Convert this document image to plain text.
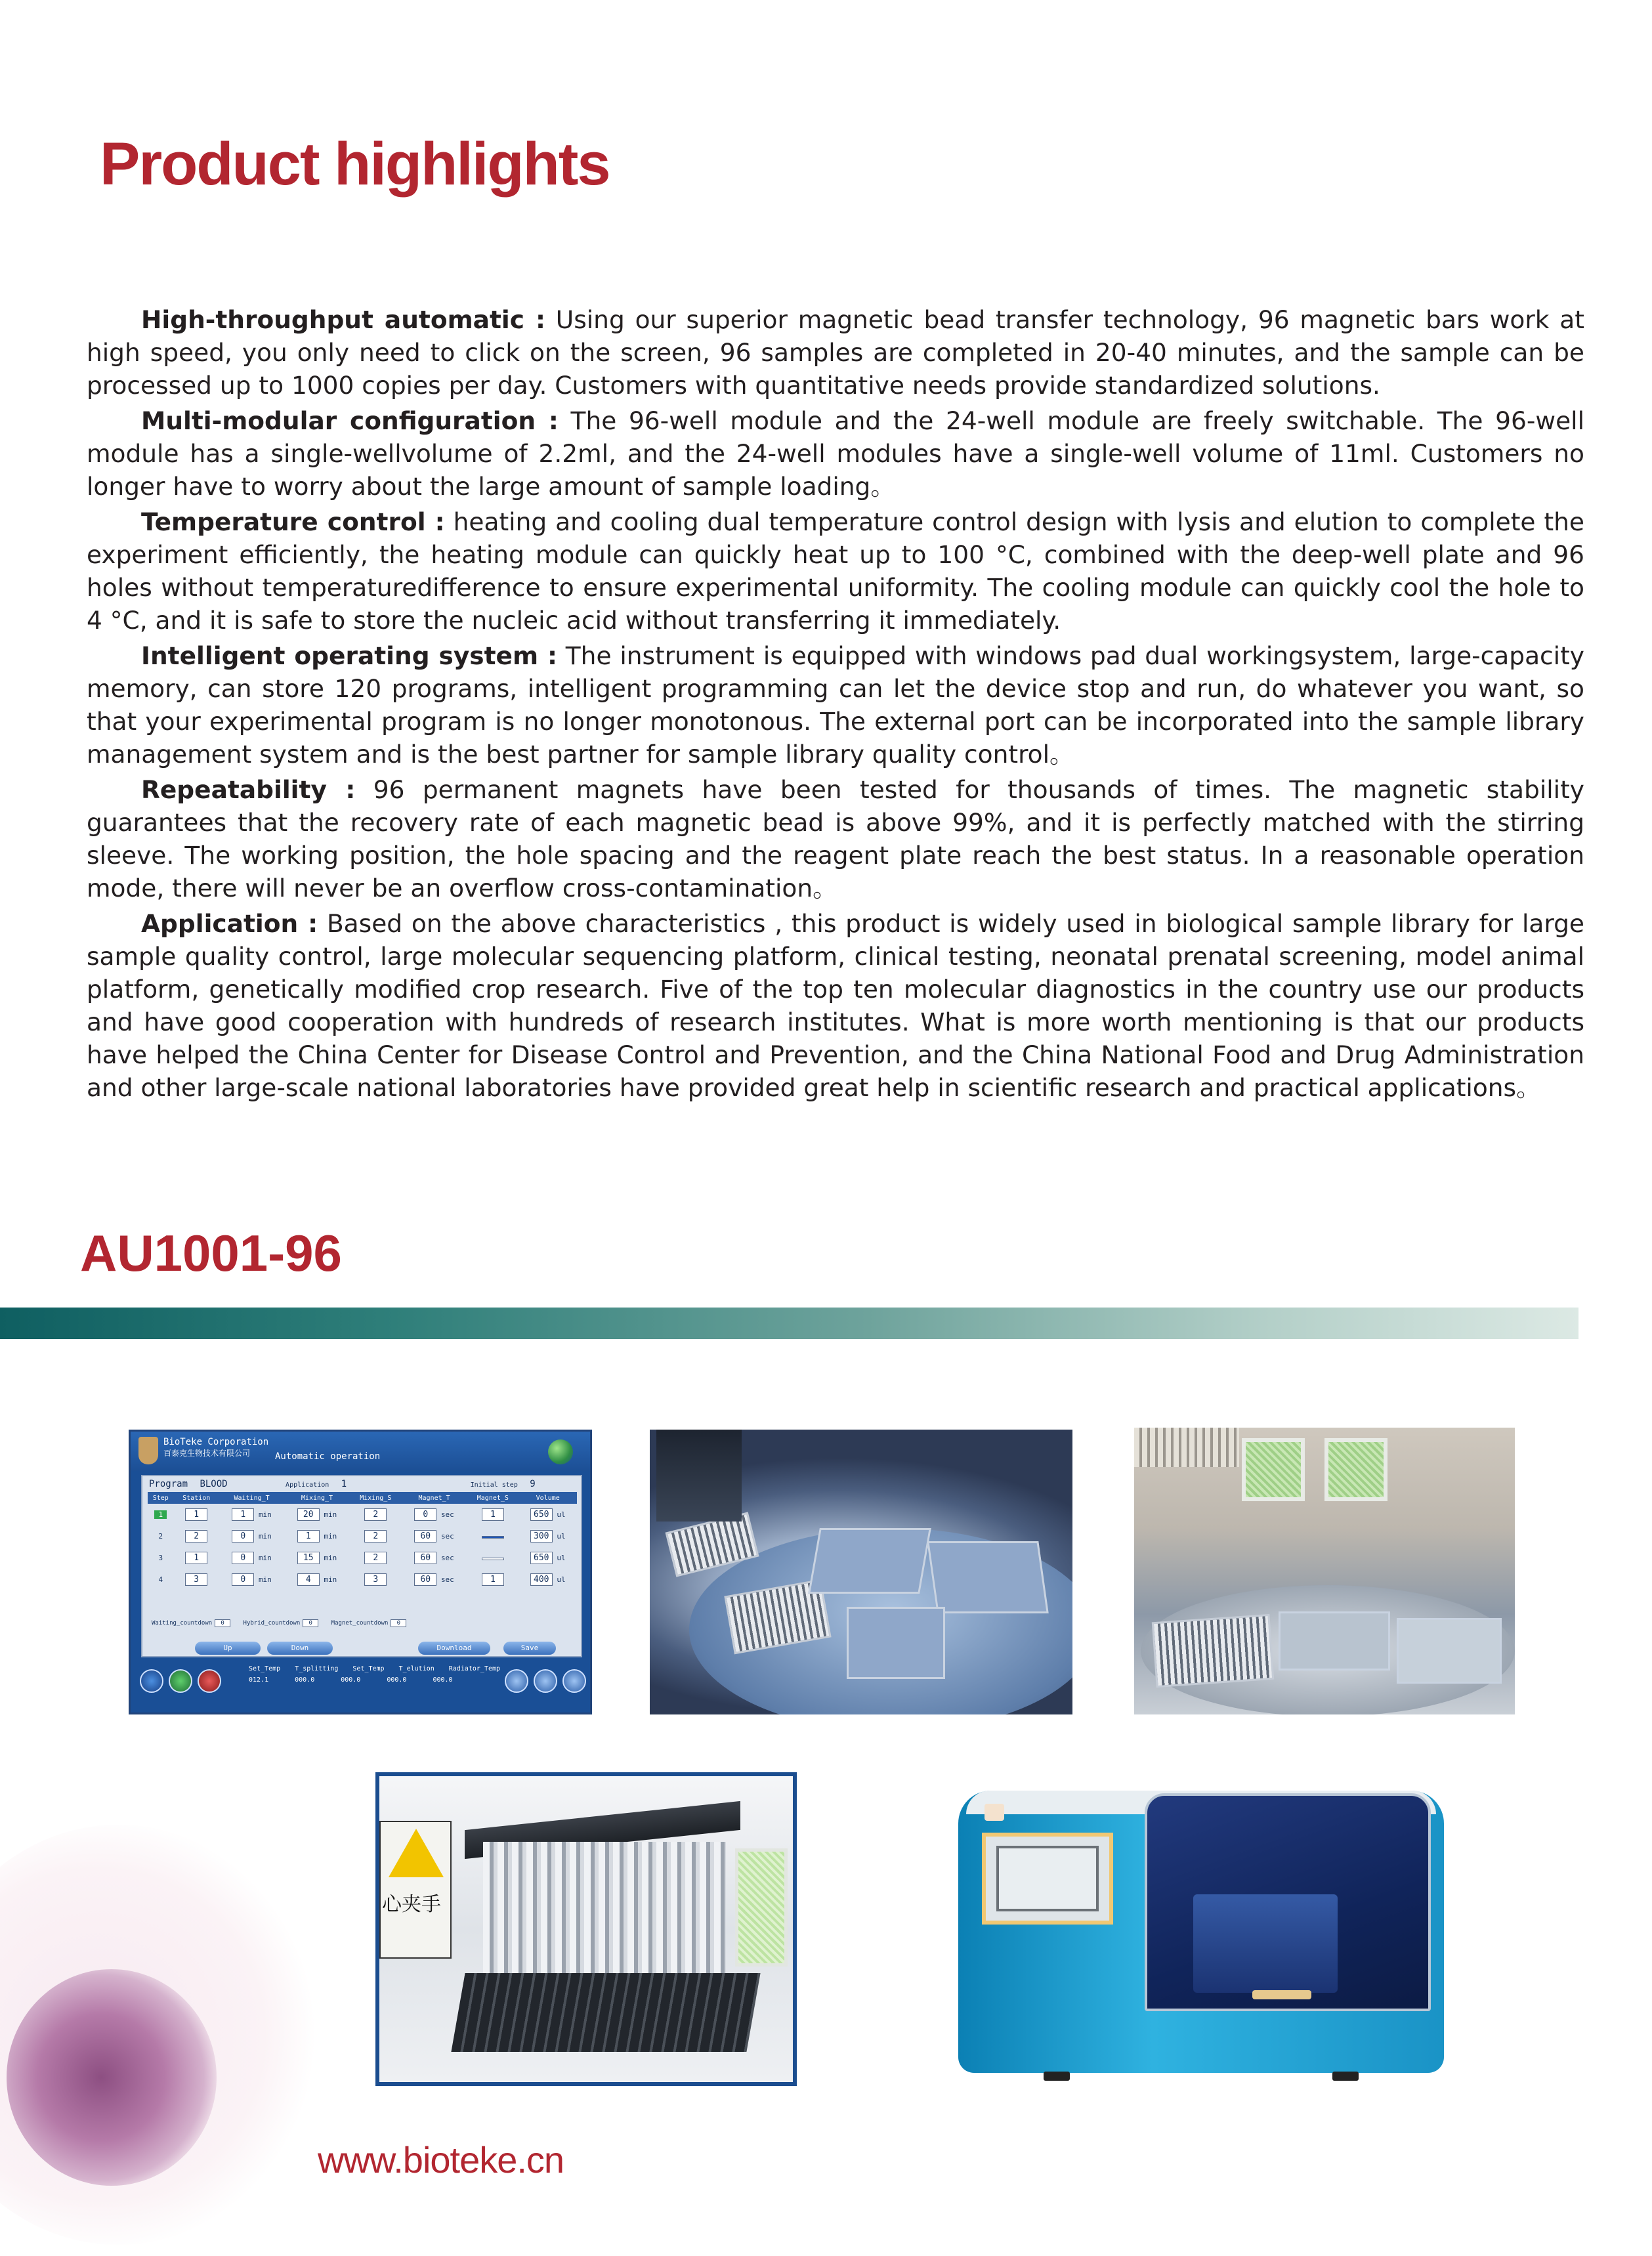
Product highlights

High-throughput automatic : Using our superior magnetic bead transfer technology, 96 magnetic bars work at high speed, you only need to click on the screen, 96 samples are completed in 20-40 minutes, and the sample can be processed up to 1000 copies per day. Customers with quantitative needs provide standardized solutions.

Multi-modular configuration : The 96-well module and the 24-well module are freely switchable. The 96-well module has a single-wellvolume of 2.2ml, and the 24-well modules have a single-well volume of 11ml. Customers no longer have to worry about the large amount of sample loading。

Temperature control : heating and cooling dual temperature control design with lysis and elution to complete the experiment efficiently, the heating module can quickly heat up to 100 °C, combined with the deep-well plate and 96 holes without temperaturedifference to ensure experimental uniformity. The cooling module can quickly cool the hole to 4 °C, and it is safe to store the nucleic acid without transferring it immediately.

Intelligent operating system : The instrument is equipped with windows pad dual workingsystem, large-capacity memory, can store 120 programs, intelligent programming can let the device stop and run, do whatever you want, so that your experimental program is no longer monotonous. The external port can be incorporated into the sample library management system and is the best partner for sample library quality control。

Repeatability : 96 permanent magnets have been tested for thousands of times. The magnetic stability guarantees that the recovery rate of each magnetic bead is above 99%, and it is perfectly matched with the stirring sleeve. The working position, the hole spacing and the reagent plate reach the best status. In a reasonable operation mode, there will never be an overflow cross-contamination。

Application : Based on the above characteristics , this product is widely used in biological sample library for large sample quality control, large molecular sequencing platform, clinical testing, neonatal prenatal screening, model animal platform, genetically modified crop research. Five of the top ten molecular diagnostics in the country use our products and have good cooperation with hundreds of research institutes. What is more worth mentioning is that our products have helped the China Center for Disease Control and Prevention, and the China National Food and Drug Administration and other large-scale national laboratories have provided great help in scientific research and practical applications。

AU1001-96
BioTeke Corporation
百泰克生物技术有限公司	Automatic operation
Program BLOOD	Application 1	Initial step 9
Step	Station	Waiting_T	Mixing_T	Mixing_S	Magnet_T	Magnet_S	Volume
1	1	1 min	20 min	2	0 sec	1	650 ul
2	2	0 min	1 min	2	60 sec		300 ul
3	1	0 min	15 min	2	60 sec		650 ul
4	3	0 min	4 min	3	60 sec	1	400 ul
Waiting_countdown 0	Hybrid_countdown 0	Magnet_countdown 0
Up	Down	Download	Save
Set_Temp T_splitting Set_Temp T_elution Radiator_Temp
012.1	000.0	000.0	000.0	000.0
心夹手
www.bioteke.cn
